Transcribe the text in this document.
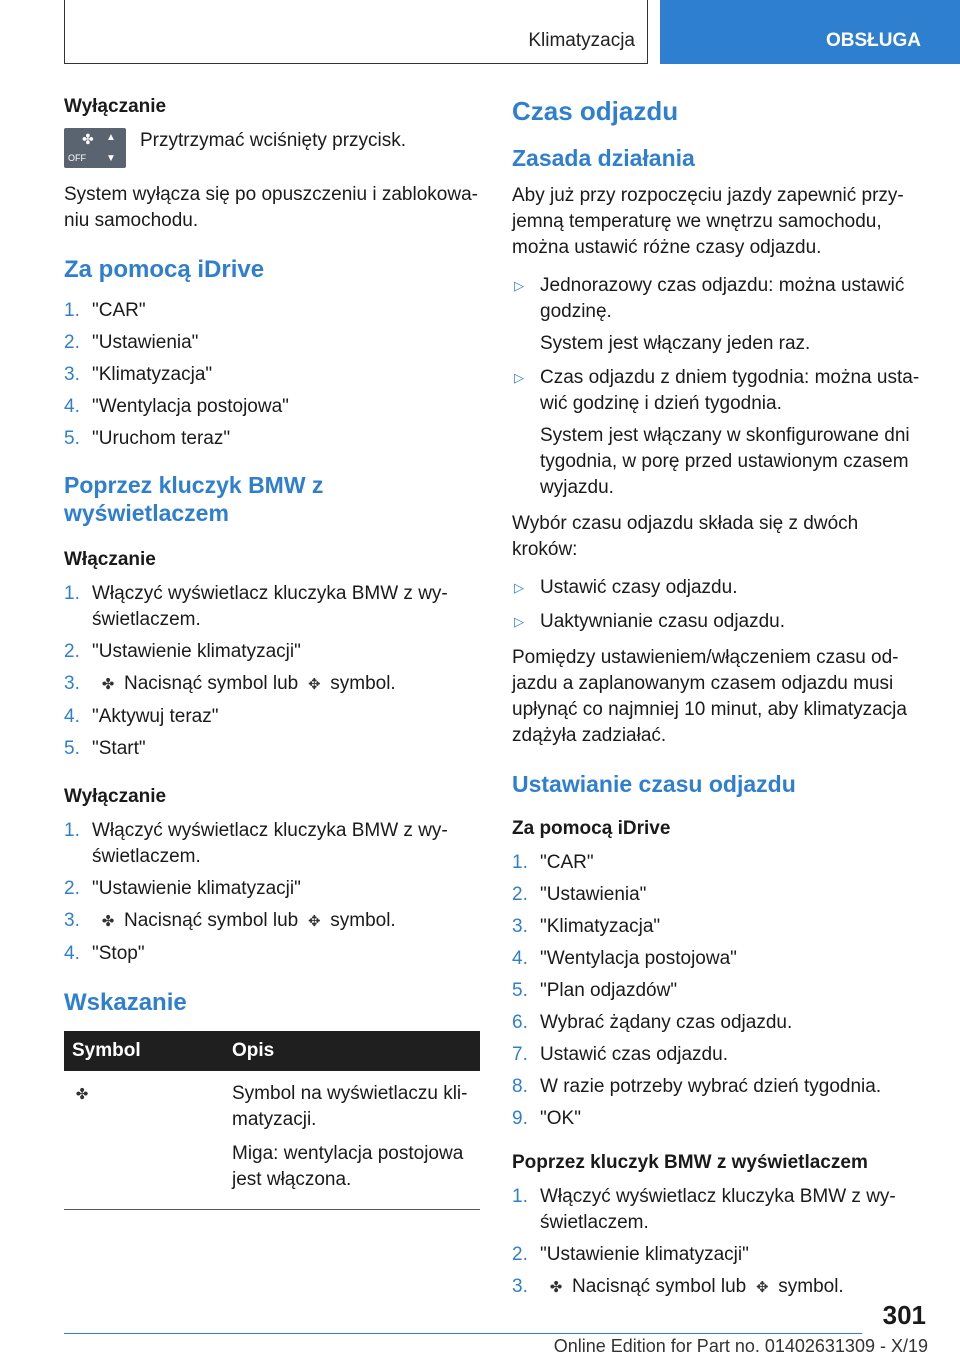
Klimatyzacja	OBSŁUGA
Wyłączanie
✤ ▲
OFF ▼
Przytrzymać wciśnięty przycisk.

System wyłącza się po opuszczeniu i zablokowa‐niu samochodu.

Za pomocą iDrive
1. "CAR"
2. "Ustawienia"
3. "Klimatyzacja"
4. "Wentylacja postojowa"
5. "Uruchom teraz"
Poprzez kluczyk BMW z wyświetlaczem
Włączanie
1. Włączyć wyświetlacz kluczyka BMW z wy‐świetlaczem.
2. "Ustawienie klimatyzacji"
3. ✤ Nacisnąć symbol lub ✥ symbol.
4. "Aktywuj teraz"
5. "Start"
Wyłączanie
1. Włączyć wyświetlacz kluczyka BMW z wy‐świetlaczem.
2. "Ustawienie klimatyzacji"
3. ✤ Nacisnąć symbol lub ✥ symbol.
4. "Stop"
Wskazanie
Symbol	Opis
✤	Symbol na wyświetlaczu kli‐matyzacji.

Miga: wentylacja postojowa jest włączona.

Czas odjazdu
Zasada działania

Aby już przy rozpoczęciu jazdy zapewnić przy‐jemną temperaturę we wnętrzu samochodu, można ustawić różne czasy odjazdu.

▷ Jednorazowy czas odjazdu: można ustawić godzinę.
System jest włączany jeden raz.
▷ Czas odjazdu z dniem tygodnia: można usta‐wić godzinę i dzień tygodnia.
System jest włączany w skonfigurowane dni tygodnia, w porę przed ustawionym czasem wyjazdu.

Wybór czasu odjazdu składa się z dwóch kroków:

▷ Ustawić czasy odjazdu.
▷ Uaktywnianie czasu odjazdu.

Pomiędzy ustawieniem/włączeniem czasu od‐jazdu a zaplanowanym czasem odjazdu musi upłynąć co najmniej 10 minut, aby klimatyzacja zdążyła zadziałać.

Ustawianie czasu odjazdu
Za pomocą iDrive
1. "CAR"
2. "Ustawienia"
3. "Klimatyzacja"
4. "Wentylacja postojowa"
5. "Plan odjazdów"
6. Wybrać żądany czas odjazdu.
7. Ustawić czas odjazdu.
8. W razie potrzeby wybrać dzień tygodnia.
9. "OK"
Poprzez kluczyk BMW z wyświetlaczem
1. Włączyć wyświetlacz kluczyka BMW z wy‐świetlaczem.
2. "Ustawienie klimatyzacji"
3. ✤ Nacisnąć symbol lub ✥ symbol.
301
Online Edition for Part no. 01402631309 - X/19
